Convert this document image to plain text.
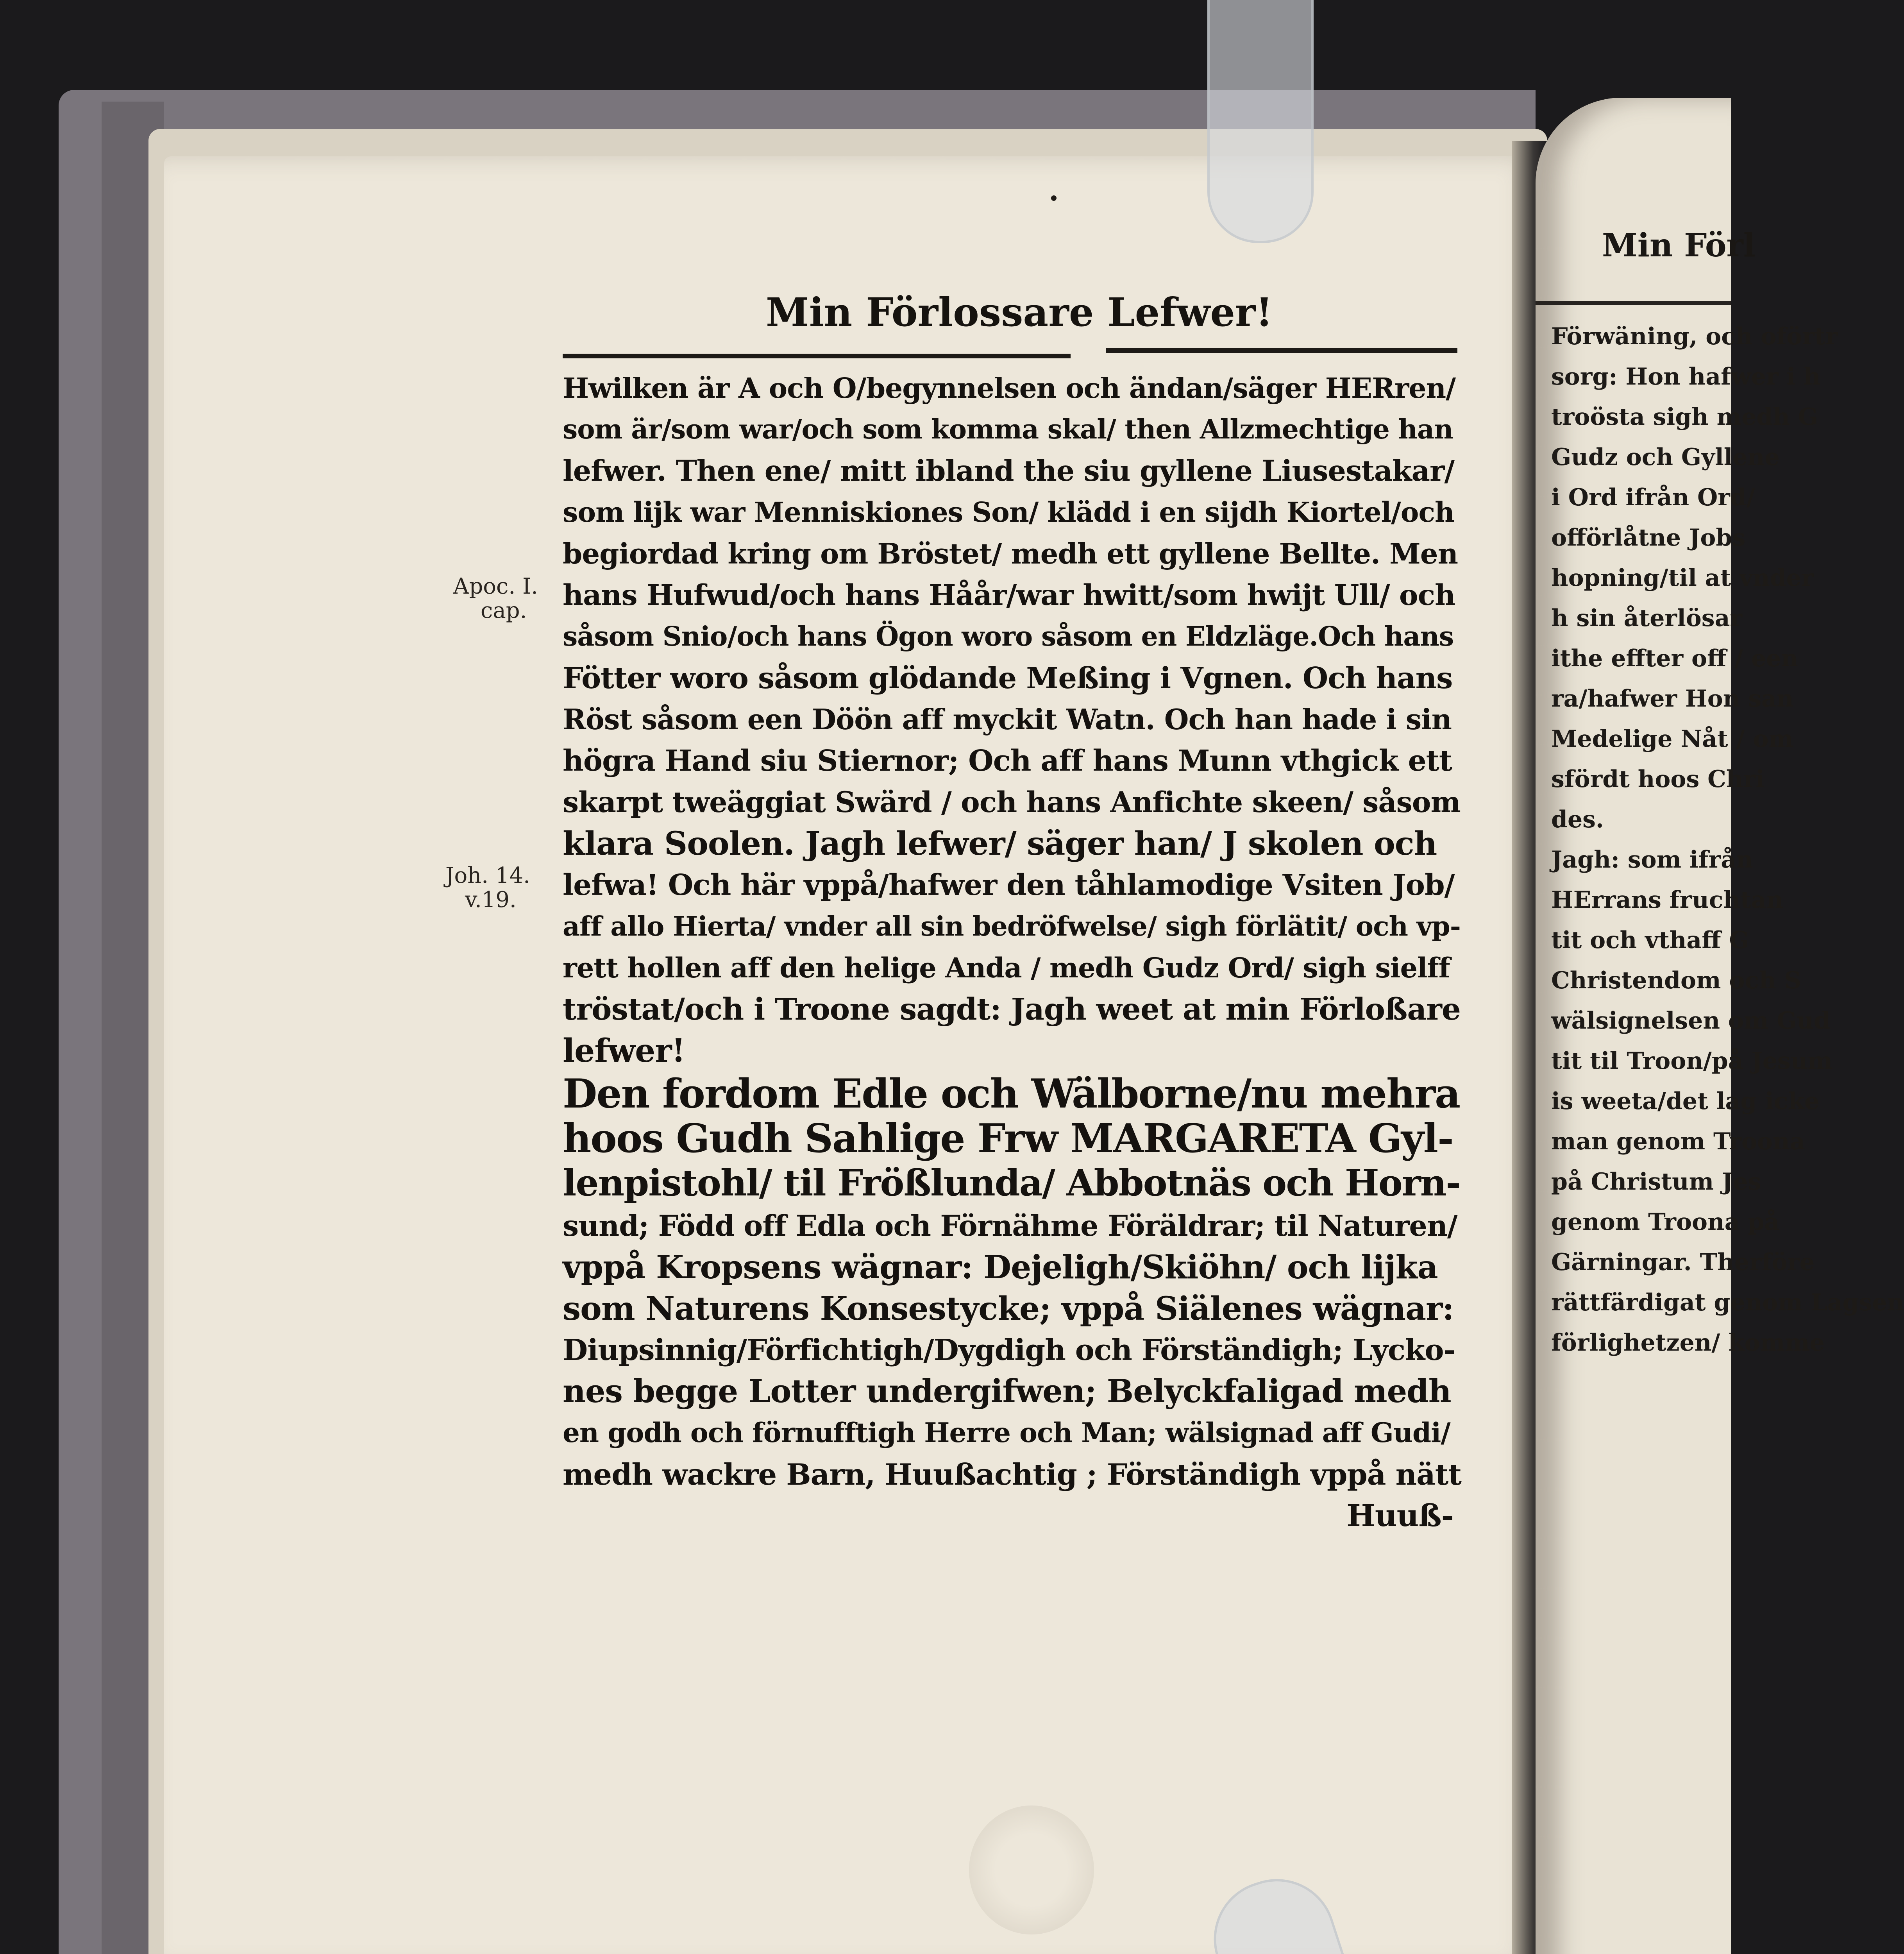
Min Förl
Förwäning, och oförtr
sorg: Hon hafwer i h
troösta sigh medh G
Gudz och Gyllene
i Ord ifrån Ord/
offörlåtne Jobs
hopning/til at vnder
h sin återlösar
ithe effter off / een
ra/hafwer Hon san
Medelige Nåt / om
sfördt hoos Chri
des.
Jagh: som ifrån
HErrans fruchtan
tit och vthaff G
Christendom och S
wälsignelsen om Gud
tit til Troon/på Jesum
is weeta/det lag icke
man genom Troona
på Christum Jes
genom Troona på
Gärningar. Therföre
rättfärdigat genom Lagsen
förlighetzen/ komme
Min Förlossare Lefwer!
Apoc. I.
cap.
Joh. 14.
v.19.
Hwilken är A och O/begynnelsen och ändan/säger HERren/
som är/som war/och som komma skal/ then Allzmechtige han
lefwer. Then ene/ mitt ibland the siu gyllene Liusestakar/
som lijk war Menniskiones Son/ klädd i en sijdh Kiortel/och
begiordad kring om Bröstet/ medh ett gyllene Bellte. Men
hans Hufwud/och hans Håår/war hwitt/som hwijt Ull/ och
såsom Snio/och hans Ögon woro såsom en Eldzläge.Och hans
Fötter woro såsom glödande Meßing i Vgnen. Och hans
Röst såsom een Döön aff myckit Watn. Och han hade i sin
högra Hand siu Stiernor; Och aff hans Munn vthgick ett
skarpt tweäggiat Swärd / och hans Anfichte skeen/ såsom
klara Soolen. Jagh lefwer/ säger han/ J skolen och
lefwa! Och här vppå/hafwer den tåhlamodige Vsiten Job/
aff allo Hierta/ vnder all sin bedröfwelse/ sigh förlätit/ och vp-
rett hollen aff den helige Anda / medh Gudz Ord/ sigh sielff
tröstat/och i Troone sagdt: Jagh weet at min Förloßare
lefwer!
Den fordom Edle och Wälborne/nu mehra
hoos Gudh Sahlige Frw MARGARETA Gyl-
lenpistohl/ til Frößlunda/ Abbotnäs och Horn-
sund; Född off Edla och Förnähme Föräldrar; til Naturen/
vppå Kropsens wägnar: Dejeligh/Skiöhn/ och lijka
som Naturens Konsestycke; vppå Siälenes wägnar:
Diupsinnig/Förfichtigh/Dygdigh och Förständigh; Lycko-
nes begge Lotter undergifwen; Belyckfaligad medh
en godh och förnufftigh Herre och Man; wälsignad aff Gudi/
medh wackre Barn, Huußachtig ; Förständigh vppå nätt
Huuß-
